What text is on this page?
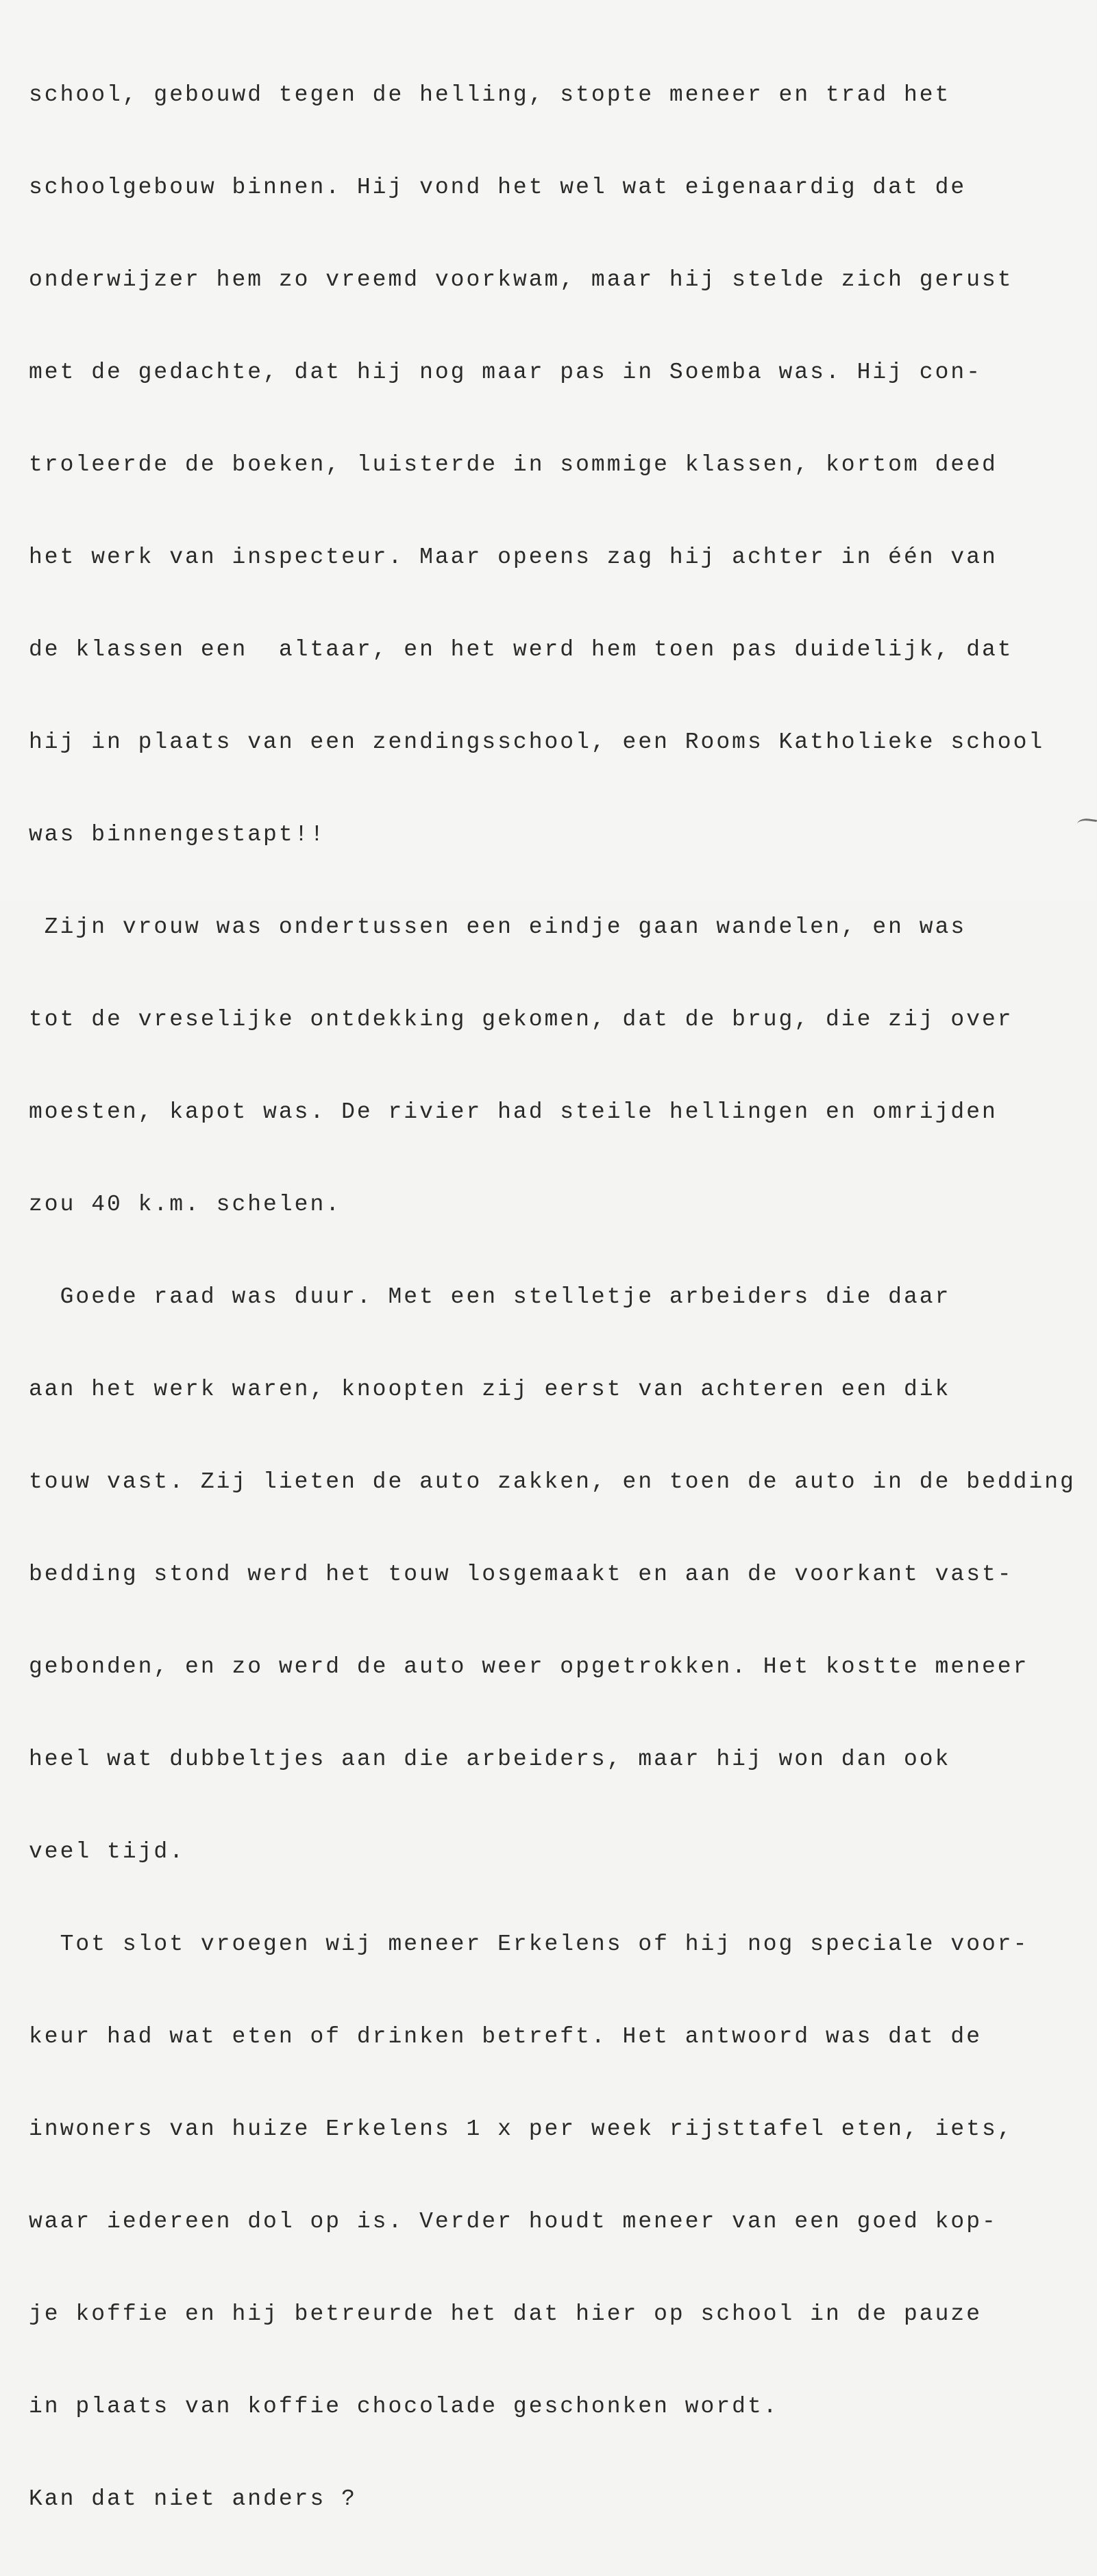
school, gebouwd tegen de helling, stopte meneer en trad het

schoolgebouw binnen. Hij vond het wel wat eigenaardig dat de

onderwijzer hem zo vreemd voorkwam, maar hij stelde zich gerust

met de gedachte, dat hij nog maar pas in Soemba was. Hij con-

troleerde de boeken, luisterde in sommige klassen, kortom deed

het werk van inspecteur. Maar opeens zag hij achter in één van

de klassen een  altaar, en het werd hem toen pas duidelijk, dat

hij in plaats van een zendingsschool, een Rooms Katholieke school

was binnengestapt!!

Zijn vrouw was ondertussen een eindje gaan wandelen, en was

tot de vreselijke ontdekking gekomen, dat de brug, die zij over

moesten, kapot was. De rivier had steile hellingen en omrijden

zou 40 k.m. schelen.

Goede raad was duur. Met een stelletje arbeiders die daar

aan het werk waren, knoopten zij eerst van achteren een dik

touw vast. Zij lieten de auto zakken, en toen de auto in de bedding

bedding stond werd het touw losgemaakt en aan de voorkant vast-

gebonden, en zo werd de auto weer opgetrokken. Het kostte meneer

heel wat dubbeltjes aan die arbeiders, maar hij won dan ook

veel tijd.

Tot slot vroegen wij meneer Erkelens of hij nog speciale voor-

keur had wat eten of drinken betreft. Het antwoord was dat de

inwoners van huize Erkelens 1 x per week rijsttafel eten, iets,

waar iedereen dol op is. Verder houdt meneer van een goed kop-

je koffie en hij betreurde het dat hier op school in de pauze

in plaats van koffie chocolade geschonken wordt.

Kan dat niet anders ?
